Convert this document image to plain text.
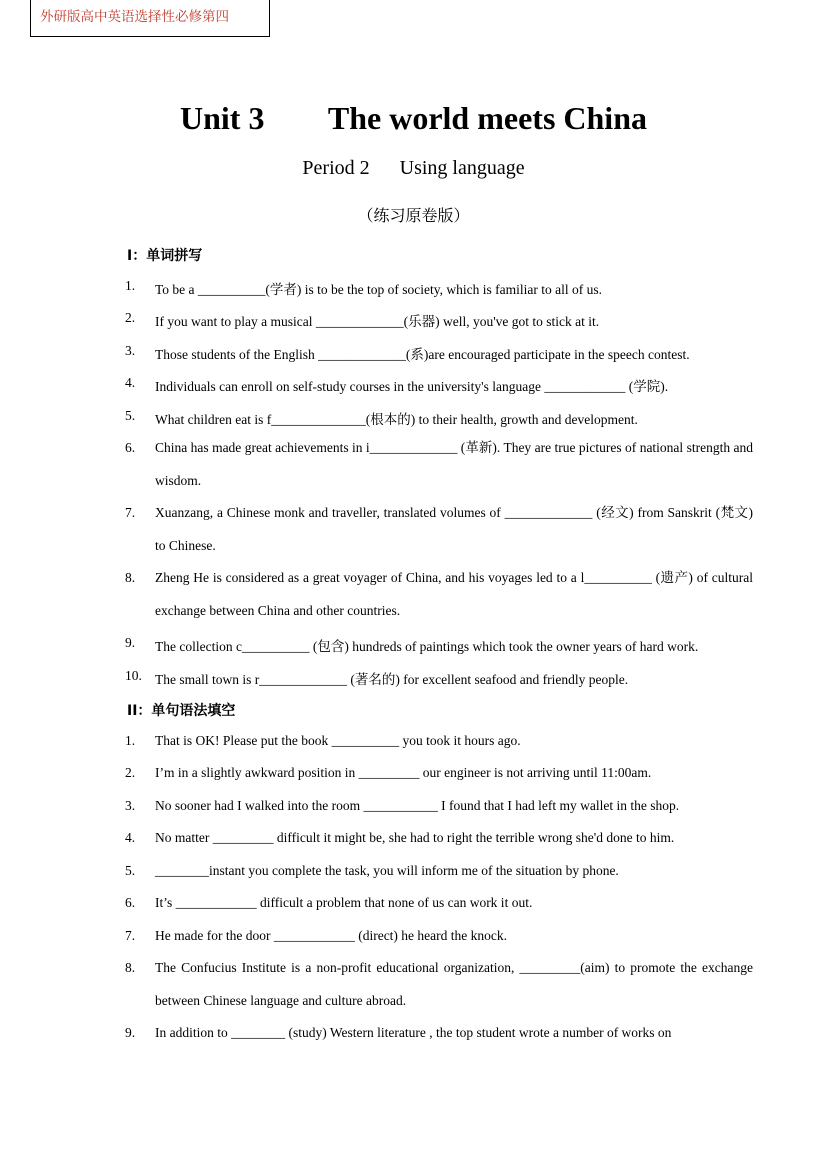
外研版高中英语选择性必修第四
Unit 3        The world meets China
Period 2      Using language
（练习原卷版）
I：单词拼写
1. To be a __________(学者) is to be the top of society, which is familiar to all of us.
2. If you want to play a musical _____________(乐器) well, you've got to stick at it.
3. Those students of the English _____________(系)are encouraged participate in the speech contest.
4. Individuals can enroll on self-study courses in the university's language ____________ (学院).
5. What children eat is f______________(根本的) to their health, growth and development.
6. China has made great achievements in i_____________ (革新). They are true pictures of national strength and wisdom.
7. Xuanzang, a Chinese monk and traveller, translated volumes of _____________ (经文) from Sanskrit (梵文) to Chinese.
8. Zheng He is considered as a great voyager of China, and his voyages led to a l__________ (遗产) of cultural exchange between China and other countries.
9. The collection c__________ (包含) hundreds of paintings which took the owner years of hard work.
10. The small town is r_____________ (著名的) for excellent seafood and friendly people.
II：单句语法填空
1. That is OK! Please put the book __________ you took it hours ago.
2. I’m in a slightly awkward position in _________ our engineer is not arriving until 11:00am.
3. No sooner had I walked into the room ___________ I found that I had left my wallet in the shop.
4. No matter _________ difficult it might be, she had to right the terrible wrong she'd done to him.
5. ________instant you complete the task, you will inform me of the situation by phone.
6. It’s ____________ difficult a problem that none of us can work it out.
7. He made for the door ____________ (direct) he heard the knock.
8. The Confucius Institute is a non-profit educational organization, _________(aim) to promote the exchange between Chinese language and culture abroad.
9. In addition to ________ (study) Western literature , the top student wrote a number of works on
